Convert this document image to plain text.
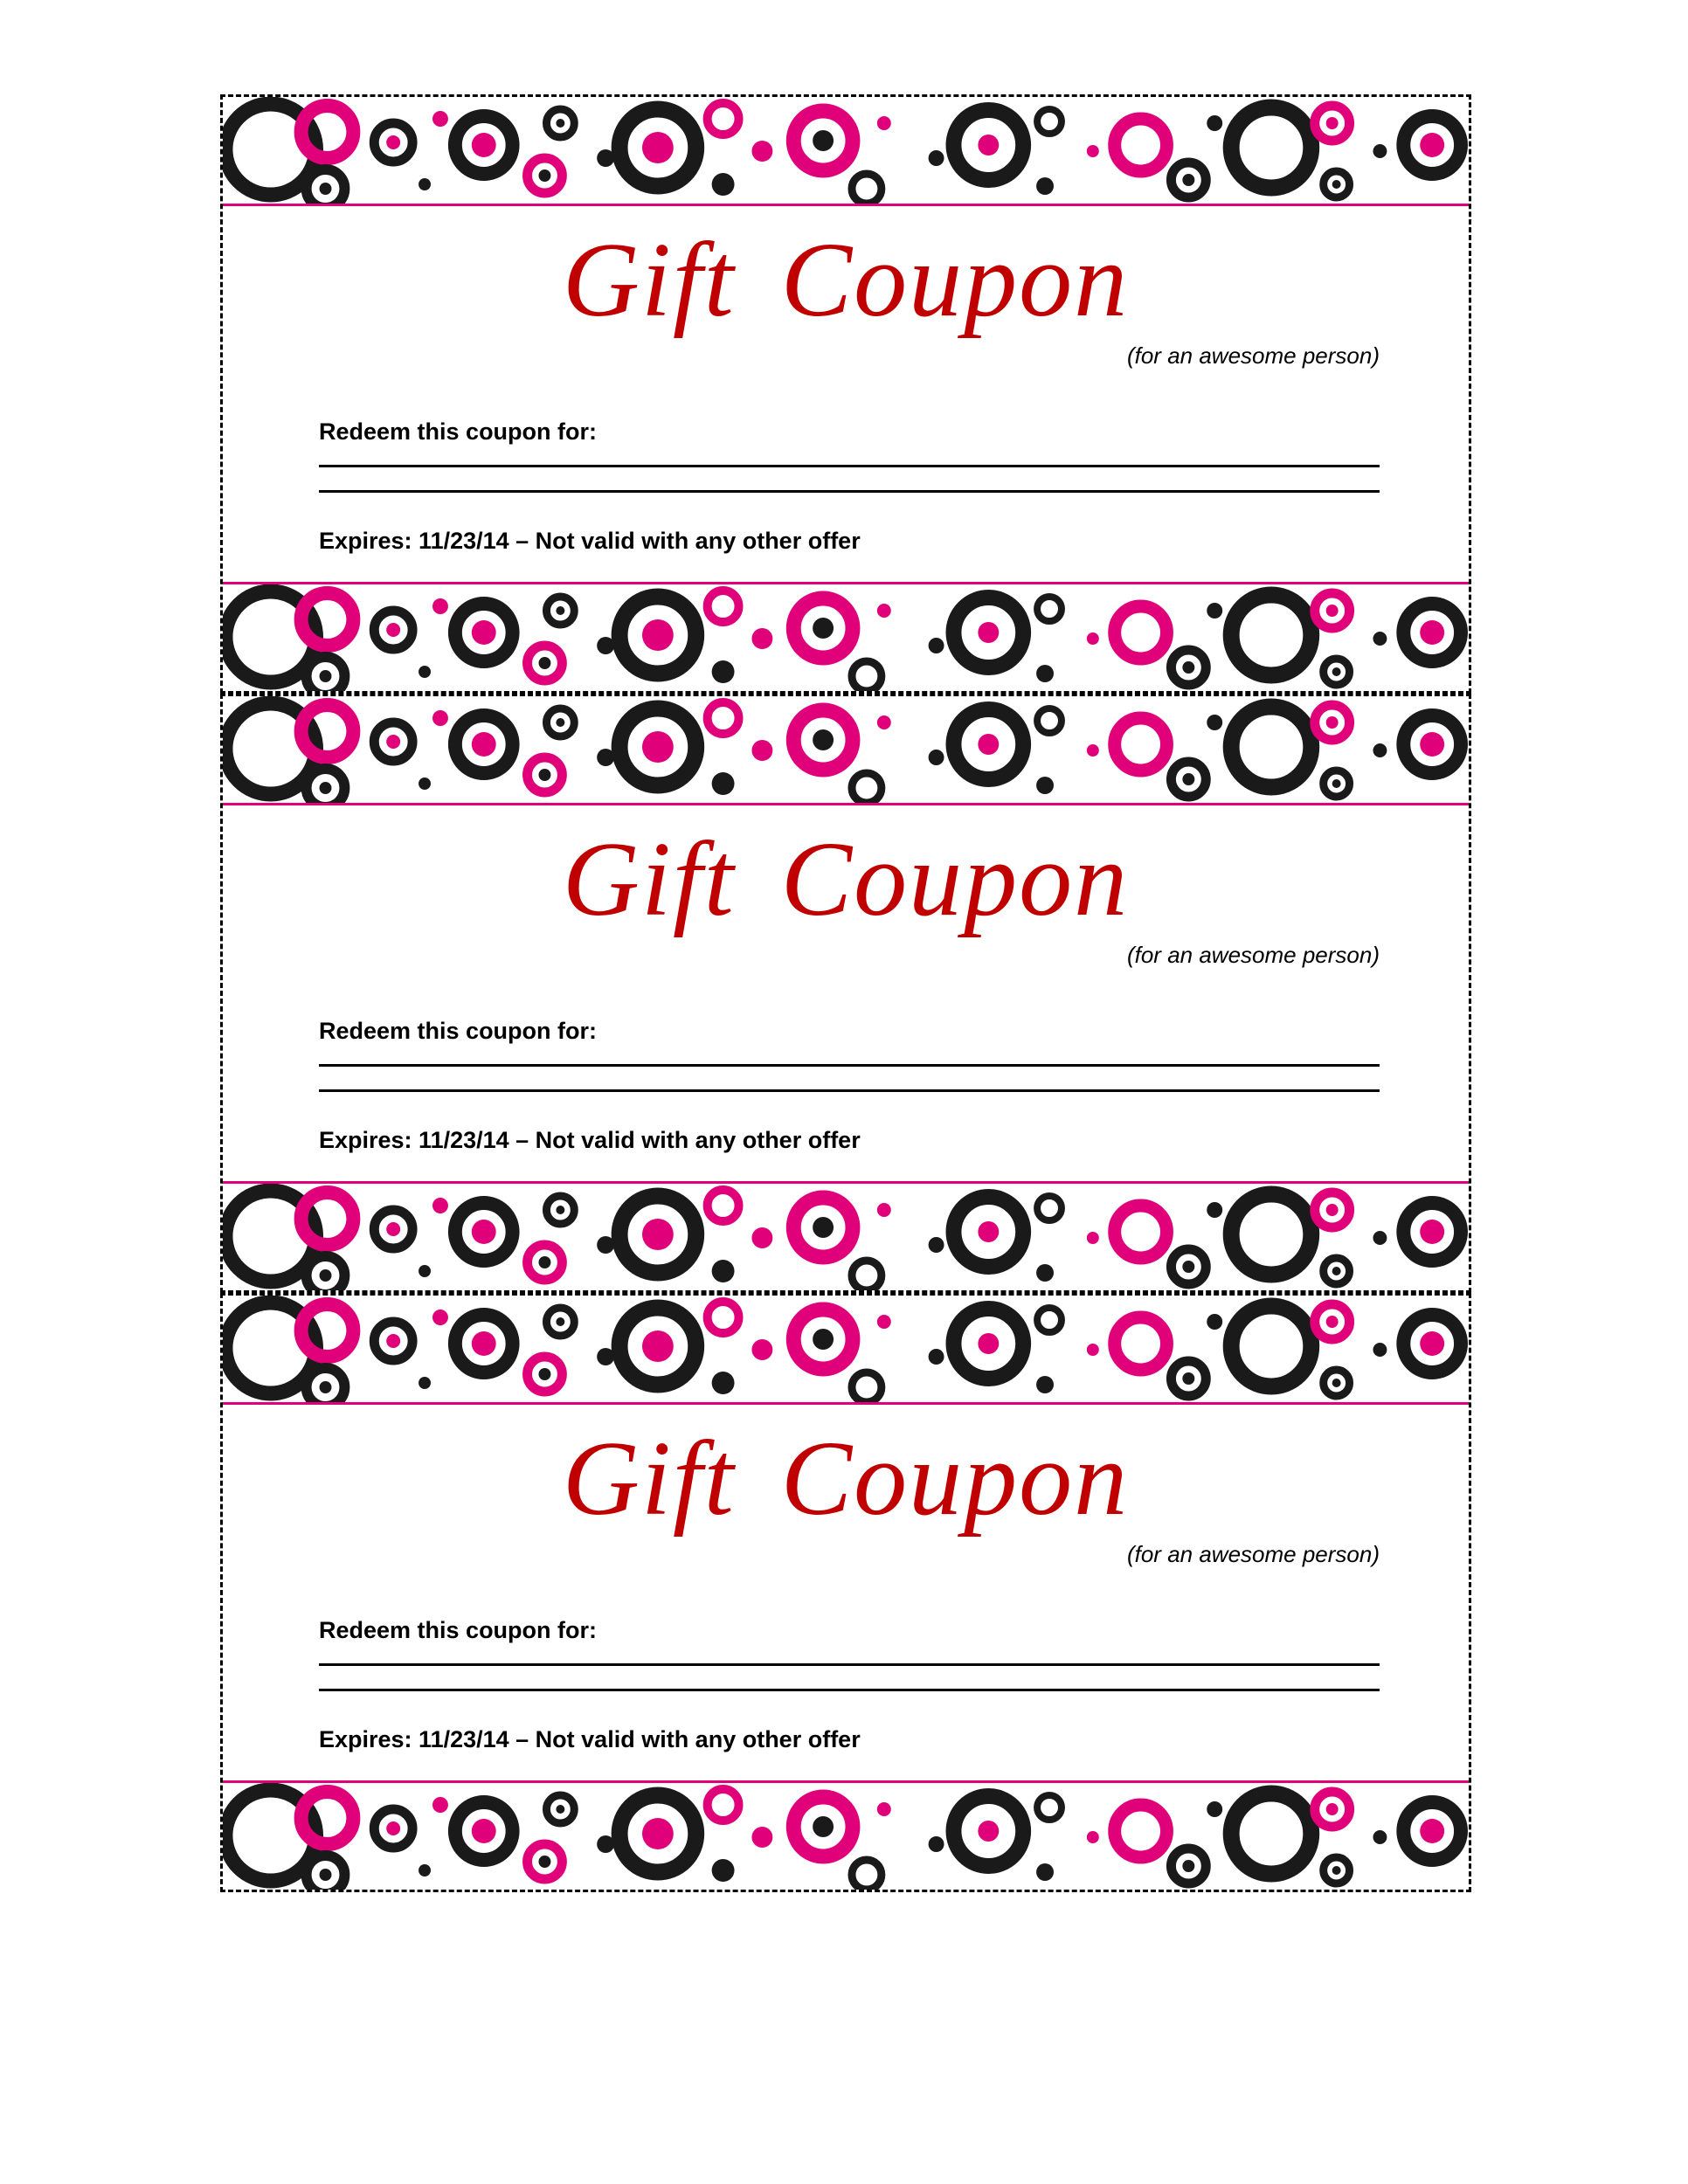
Gift Coupon
(for an awesome person)
Redeem this coupon for:
Expires: 11/23/14 – Not valid with any other offer
Gift Coupon
(for an awesome person)
Redeem this coupon for:
Expires: 11/23/14 – Not valid with any other offer
Gift Coupon
(for an awesome person)
Redeem this coupon for:
Expires: 11/23/14 – Not valid with any other offer
